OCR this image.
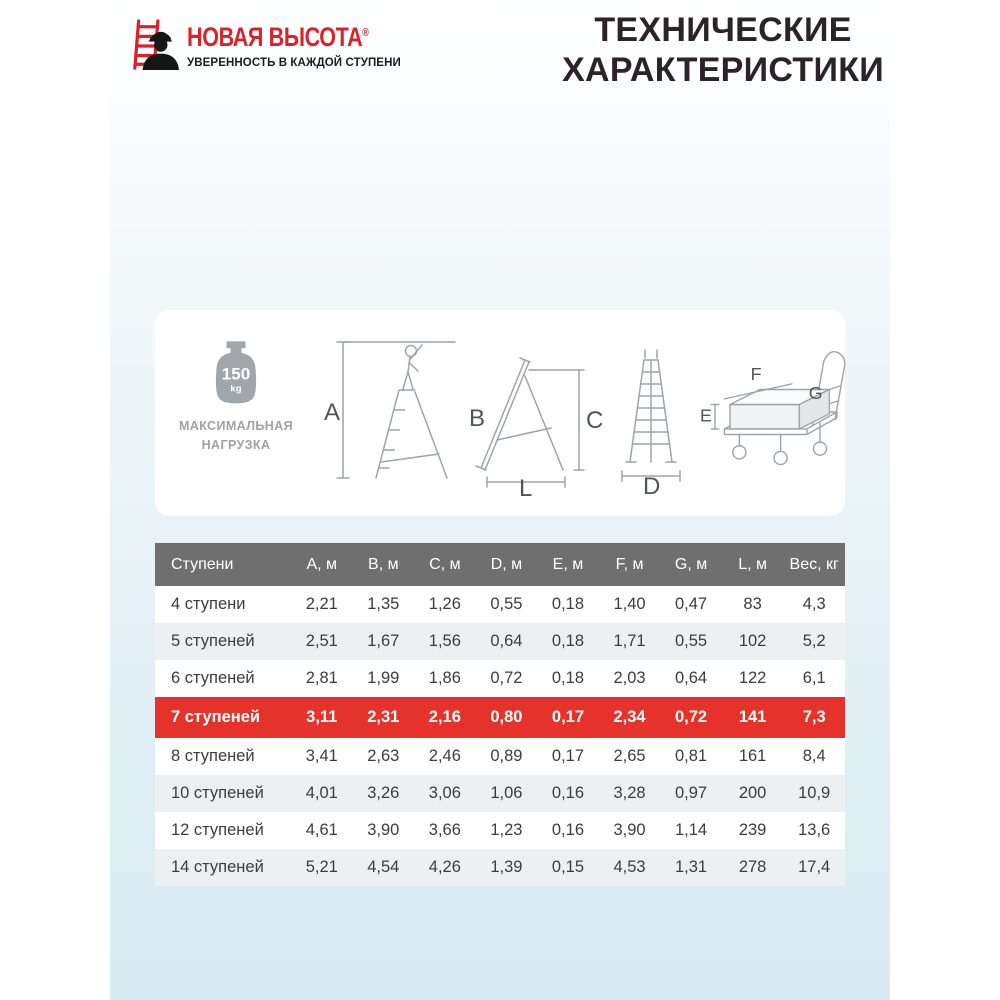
НОВАЯ ВЫСОТА®
УВЕРЕННОСТЬ В КАЖДОЙ СТУПЕНИ
ТЕХНИЧЕСКИЕ
ХАРАКТЕРИСТИКИ
150
kg
МАКСИМАЛЬНАЯ
НАГРУЗКА
A	B	C
L	D
E
F
G
Ступени	А, м	В, м	С, м	D, м	Е, м	F, м	G, м	L, м	Вес, кг
4 ступени	2,21	1,35	1,26	0,55	0,18	1,40	0,47	83	4,3
5 ступеней	2,51	1,67	1,56	0,64	0,18	1,71	0,55	102	5,2
6 ступеней	2,81	1,99	1,86	0,72	0,18	2,03	0,64	122	6,1
7 ступеней	3,11	2,31	2,16	0,80	0,17	2,34	0,72	141	7,3
8 ступеней	3,41	2,63	2,46	0,89	0,17	2,65	0,81	161	8,4
10 ступеней	4,01	3,26	3,06	1,06	0,16	3,28	0,97	200	10,9
12 ступеней	4,61	3,90	3,66	1,23	0,16	3,90	1,14	239	13,6
14 ступеней	5,21	4,54	4,26	1,39	0,15	4,53	1,31	278	17,4
